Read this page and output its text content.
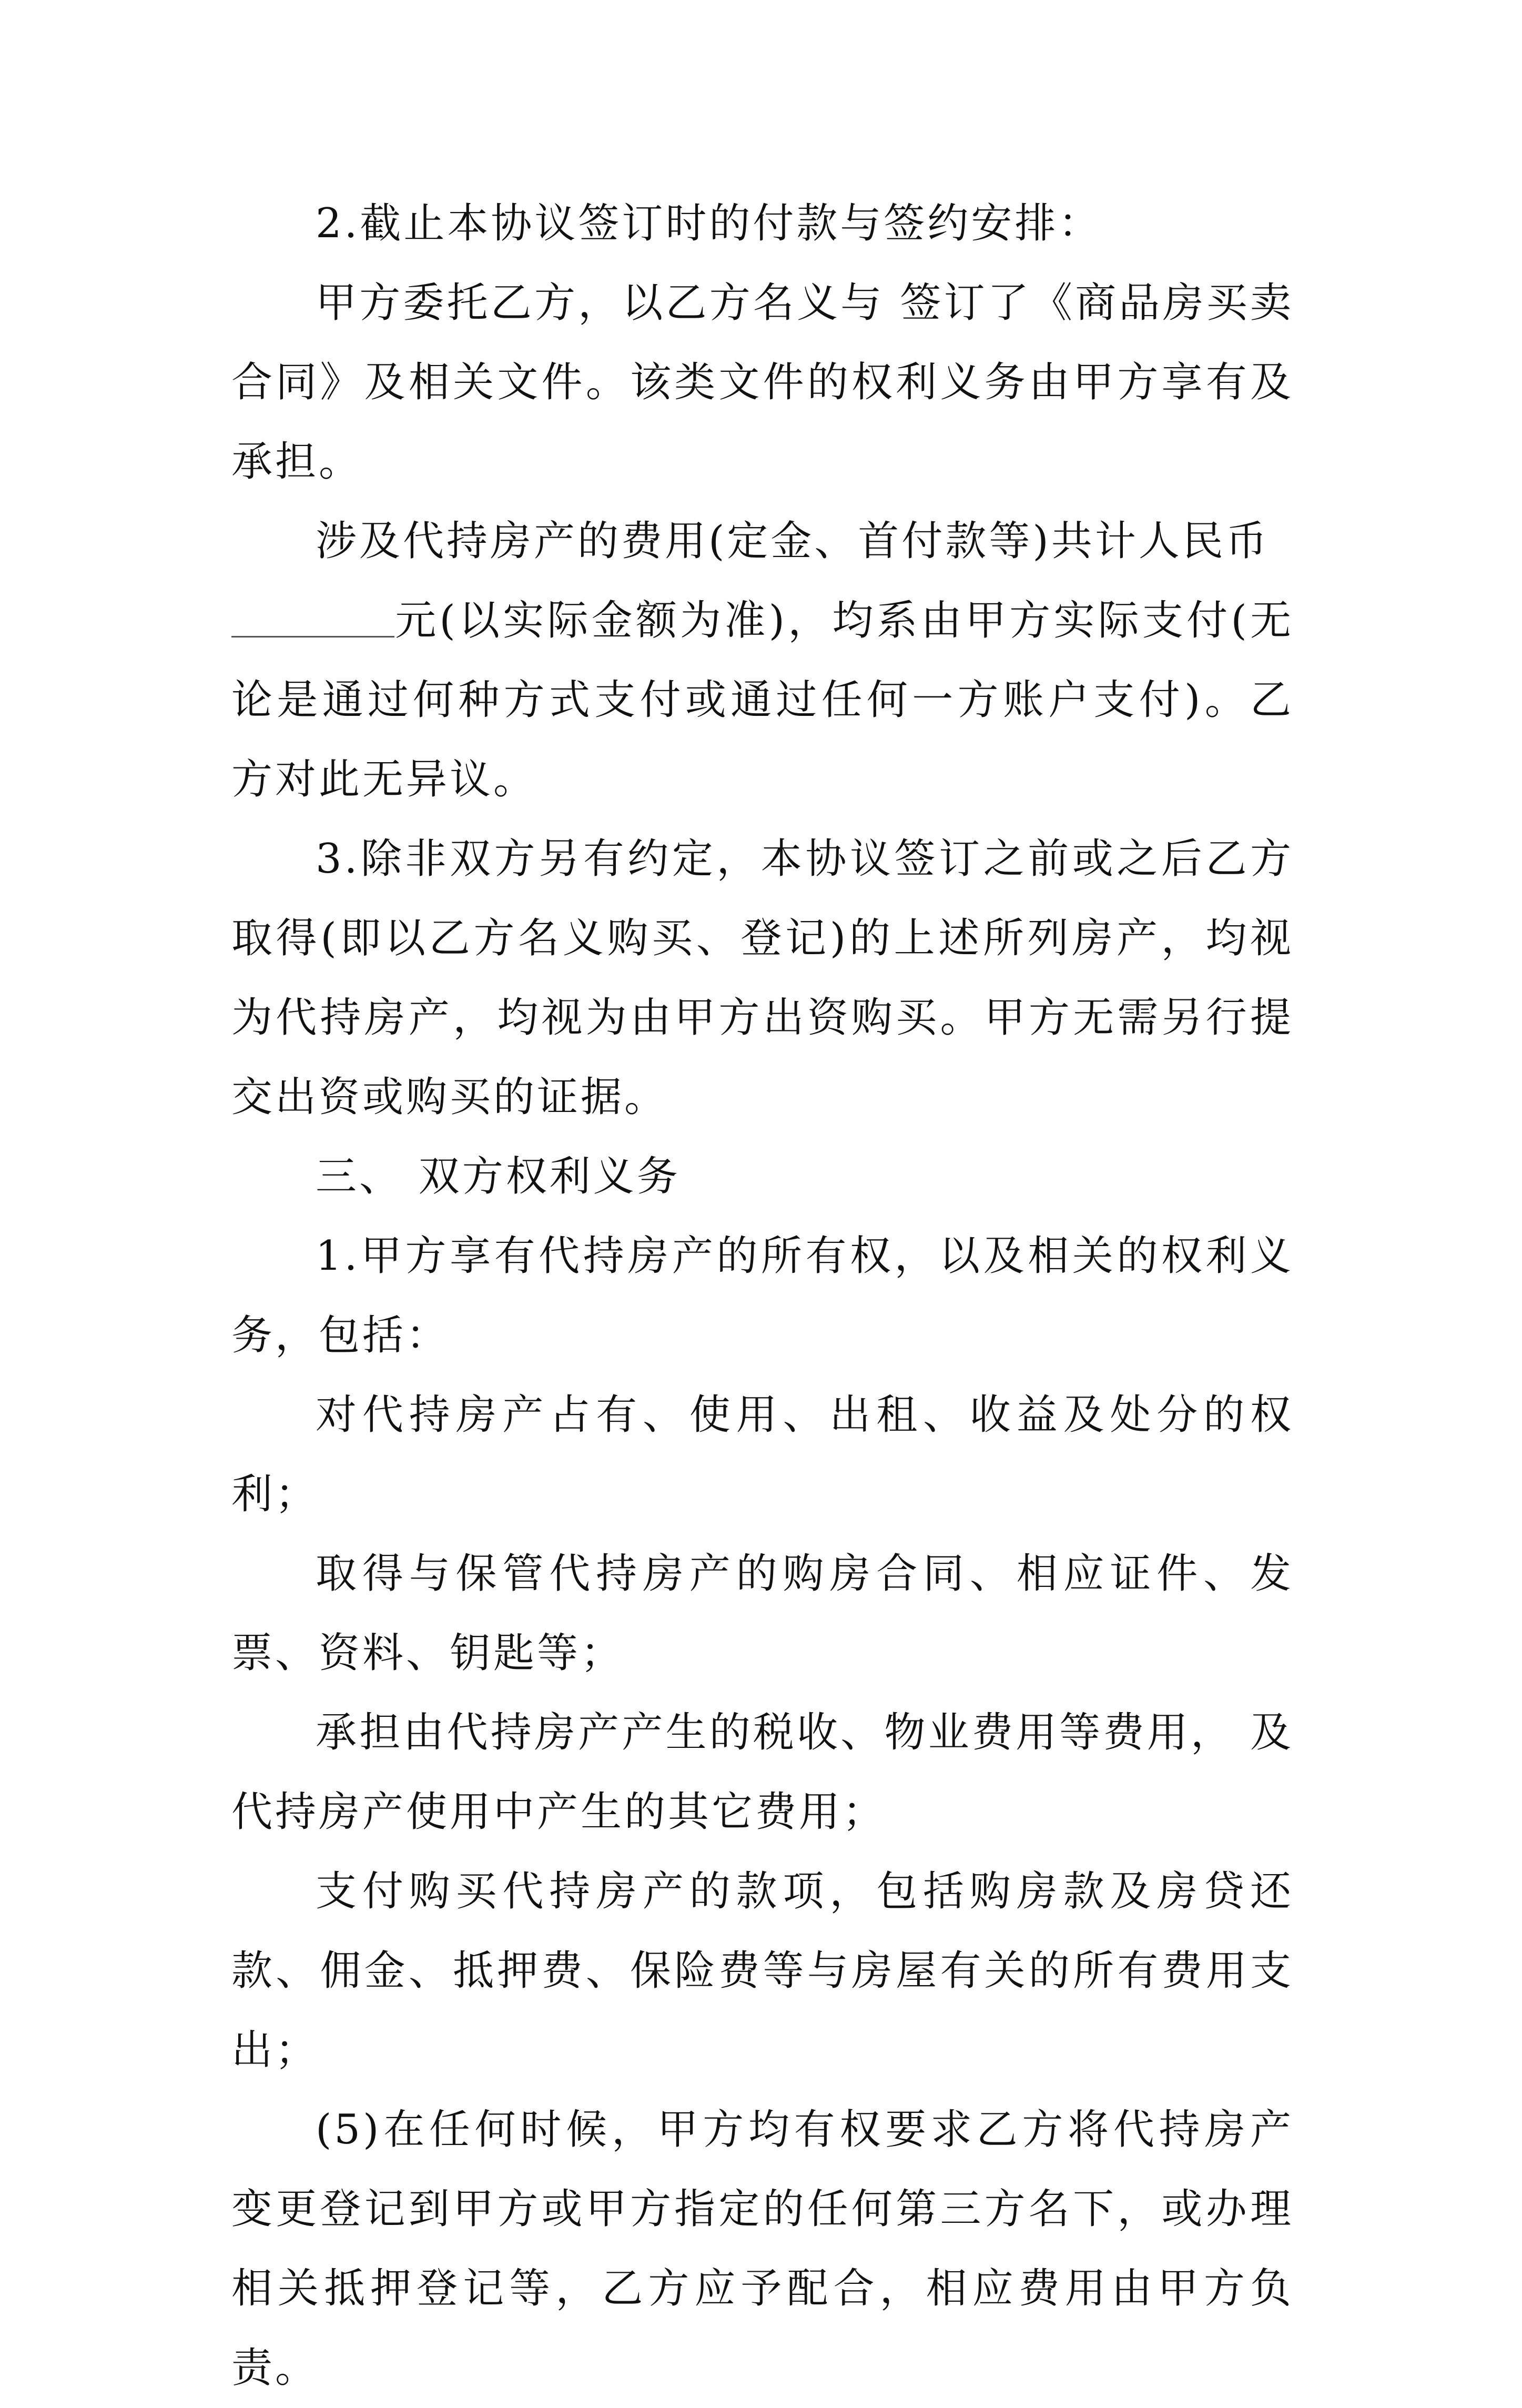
2.截止本协议签订时的付款与签约安排：

甲方委托乙方，以乙方名义与 签订了《商品房买卖合同》及相关文件。该类文件的权利义务由甲方享有及承担。

涉及代持房产的费用(定金、首付款等)共计人民币
元(以实际金额为准)，均系由甲方实际支付(无论是通过何种方式支付或通过任何一方账户支付)。乙方对此无异议。

3.除非双方另有约定，本协议签订之前或之后乙方取得(即以乙方名义购买、登记)的上述所列房产，均视为代持房产，均视为由甲方出资购买。甲方无需另行提交出资或购买的证据。

三、 双方权利义务

1.甲方享有代持房产的所有权，以及相关的权利义务，包括：

对代持房产占有、使用、出租、收益及处分的权利；

取得与保管代持房产的购房合同、相应证件、发票、资料、钥匙等；

承担由代持房产产生的税收、物业费用等费用， 及代持房产使用中产生的其它费用；

支付购买代持房产的款项，包括购房款及房贷还款、佣金、抵押费、保险费等与房屋有关的所有费用支出；

(5)在任何时候，甲方均有权要求乙方将代持房产变更登记到甲方或甲方指定的任何第三方名下，或办理相关抵押登记等，乙方应予配合，相应费用由甲方负责。
